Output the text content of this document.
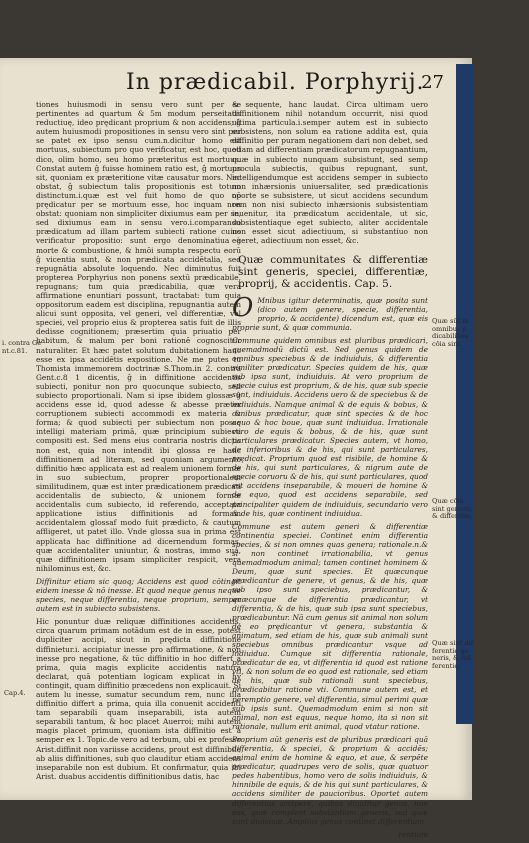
In prædicabil. Porphyrij.
27

tiones huiusmodi in sensu vero sunt per se pertinentes ad quartum & 5m modum perseitatis reductiuę, ideo prędicant proprium & non accidens; ĝ autem huiusmodi propositiones in sensu vero sint per se patet ex ipso sensu cum.n.dicitur homo est mortuus, subiectum pro quo verificatur, est hoc, quod dico, olim homo, seu homo præteritus est mortuus. Constat autem ĝ fuisse hominem ratio est, ĝ mortuus sit, quoniam ex præteritione vitæ causatur mors. Nec obstat, ĝ subiectum talis propositionis est totum distinctum.i.quæ est vel fuit homo de quo nō prędicatur per se mortuum esse, hoc inquam non obstat: quoniam non simpliciter dixiumus eam per se, sed dixiumus eam in sensu vero.i.comparando prædicatum ad illam partem subiecti ratione cuius verificatur propositio: sunt ergo denominatiua à morte & combustione, & hmōi sumpta respectu eorū ĝ vicentia sunt, & non prædicata accidētalia, sed repugnātia absolute loquendo. Nec diminutus fuit propterea Porphyrius non ponens sextū prædicabile, repugnans; tum quia prædicabilia, quæ vera affirmatione enuntiari possunt, tractabat: tum quia oppositorum eadem est disciplina, repugnantia autem alicui sunt opposita, vel generi, vel differentiæ, vel speciei, vel proprio eius & propterea satis fuit de illis dedisse cognitionem; præsertim quia priuatio per habitum, & malum per boni rationē cognoscitur naturaliter. Et hæc patet solutum dubitationem hanc esse ex ipsa accidētis expositione. Ne me putes tu Thomista immemorem doctrinæ S.Thom.in 2. contra Gent.c.8 1 dicentis, ĝ in diffinitione accidentis subiecti, ponitur non pro quocunque subiecto, sed subiecto proportionali. Nam si ipse ibidem glossæ ĝ accidens esse id, quod adesse & abesse præter corruptionem subiecti accommodi ex materia & forma; & quod subiecti per subiectum non posse intelligi materiam primā, quæ principium subiecti compositi est. Sed mens eius contraria nostris dictis non est, quia non intendit ibi glossa re hanc diffinitionem ad literam, sed quoniam argumento diffinitio hæc applicata est ad realem unionem formæ in suo subiectum, proprer proportionalem similitudinem, quæ est inter prædicationem prædicati accidentalis de subiecto, & unionem formæ accidentalis cum subiecto, id referendo, acceptata applicatione istius diffinitionis ad formam accidentalem glossaf modo fuit prædicto, & cautum affligeret, ut patet illo. Vnde glossa sua in prima est applicata hac diffinitione ad dicernendum formas, quæ accidentaliter uniuntur, & nostras, immo sua, quæ diffinitionem ipsam simpliciter respicit, vera nihilominus est, &c.

Diffinitur etiam sic quoq; Accidens est quod cōtingit eidem inesse & nō inesse. Et quod neque genus neque species, neque differentia, neque proprium, semper autem est in subiecto subsistens.

Hic ponuntur duæ reliquæ diffinitiones accidentis, circa quarum primam notādum est de in esse, potest dupliciter accipi, sicut in prędicta diffinitione diffinietur.i. accipiatur inesse pro affirmatione, & non inesse pro negatione, & tūc diffinitio in hoc differt a prima, quia magis explicite accidentis naturā declarat, quā potentiam logicam explicat in hy contingit, quam diffinitio præcedens non explicauit. Si autem lu inesse, sumatur secundum rem, nunc illa diffinitio differt a prima, quia illa conuenit accidenti tam separabili quam inseparabili, ista autem separabili tantum, & hoc placet Auerroi; mihi autem magis placet primum, quoniam ista diffinitio est à semper ex 1. Topic.de vero ad terbum, ubi ex professo Arist.diffinit non variisse accidens, prout est diffinibile ab aliis diffinitiones, sub quo clauditur etiam accidens inseparabile non est dubium. Et confirmatur, quia ibi Arist. duabus accidentis diffinitionibus datis, hac

& sequente, hanc laudat. Circa ultimam uero diffinitionem nihil notandum occurrit, nisi quod ultima particula.i.semper autem est in subiecto subsistens, non solum ea ratione addita est, quia diffinitio per puram negationem dari non debet, sed etiam ad differentiam prædicatorum repugnantium, quæ in subiecto nunquam subsistunt, sed semp procula subiectis, quibus repugnant, sunt, intelligendumque est accidens semper in subiecto non inhærsionis uniuersaliter, sed prædicationis oporte se subsistere, ut sicut accidens secundum rem non nisi subiecto inhærsionis subsistentiam inuenitur, ita prædicatum accidentale, ut sic, subsistentiaque eget subiecto, aliter accidentale non esset sicut adiectiuum, si substantiuo non egeret, adiectiuum non esset, &c.

Quæ communitates & differentiæ sint generis, speciei, differentiæ, proprij, & accidentis. Cap. 5.

O Mnibus igitur determinatis, quæ posita sunt (dico autem genere, specie, differentia, proprio, & accidente) dicendum est, quæ eis proprie sunt, & quæ communia.

Commune quidem omnibus est pluribus prædicari, quemadmodū dictū est. Sed genus quidem de omnibus speciebus & de indiuiduis, & differentia similiter prædicatur. Species quidem de his, quæ sub ipsa sunt, indiuiduis. At vero proprium de specie cuius est proprium, & de his, quæ sub specie sunt, indiuiduis. Accidens uero & de speciebus & de indiuiduis. Namque animal & de equis & bobus, & canibus prædicatur, quæ sint species & de hoc equo & hoc boue, quæ sunt indiuidua. Irrationale vero de equis & bobus, & de his, quæ sunt particulares prædicatur. Species autem, vt homo, de inferioribus & de his, qui sunt particulares, prędicat. Proprium quod est risibile, de homine & de his, qui sunt particulares, & nigrum aute de specie coruoru & de his, qui sunt particulares, quod est accidens inseparabile, & moueri de homine & de equo, quod est accidens separabile, sed principaliter quidem de indiuiduis, secundario vero & de his, quæ continent indiuidua.

Commune est autem generi & differentiæ continentia speciei. Continet enim differentia species, & si non omnes quas genera; rationale.n.& si non continet irrationabilia, vt genus quemadmodum animal; tamen continet hominem & Deum, quæ sunt species. Et quæcunque prædicantur de genere, vt genus, & de his, quæ sub ipso sunt speciebus, prædicantur, & quæcunque de differentia prædicantur, vt differentia, & de his, quæ sub ipsa sunt speciebus, prædicabuntur. Nā cum genus sit animal non solum de eo prędicantur vt genera, substantia & animatum, sed etiam de his, quæ sub animali sunt speciebus omnibus prædicantur vsque ad indiuidua. Cumque sit differentia rationale, prædicatur de ea, vt differentia id quod est ratione vti, & non solum de eo quod est rationale, sed etiam de his, quæ sub rationali sunt speciebus, prædicabitur ratione vti. Commune autem est, et peremptio genere, vel differentia, simul perimi quæ sub ipsis sunt. Quemadmodum enim si non sit animal, non est equus, neque homo, ita si non sit rationale, nullum erit animal, quod vtatur ratione.

Proprium aūt generis est de pluribus prædicari quā differentia, & speciei, & proprium & accidēs; animal enim de homine & equo, et aue, & serpēte prædicatur, quadrupes vero de solis, quæ quatuor pedes habentibus, homo vero de solis indiuiduis, & hinnibile de equis, & de his qui sunt particulares, & accidens similiter de paucioribus. Oportet autem differentias accipere, quibus diuiditur genus, non eas, quæ complent substantiam generis, sed quæ sunt diuisiuæ. Amplius genus continet differentiam

rentiam

i. contra Ge
nt.c.81.
Cap.4.
Quæ sūt in
omnibus ρ
dicabilibus
cōia sint.
Quæ cōia
sint generis
& differētię.
Quæ sint dif
ferentię ge-
neris, & dif-
ferentię.
